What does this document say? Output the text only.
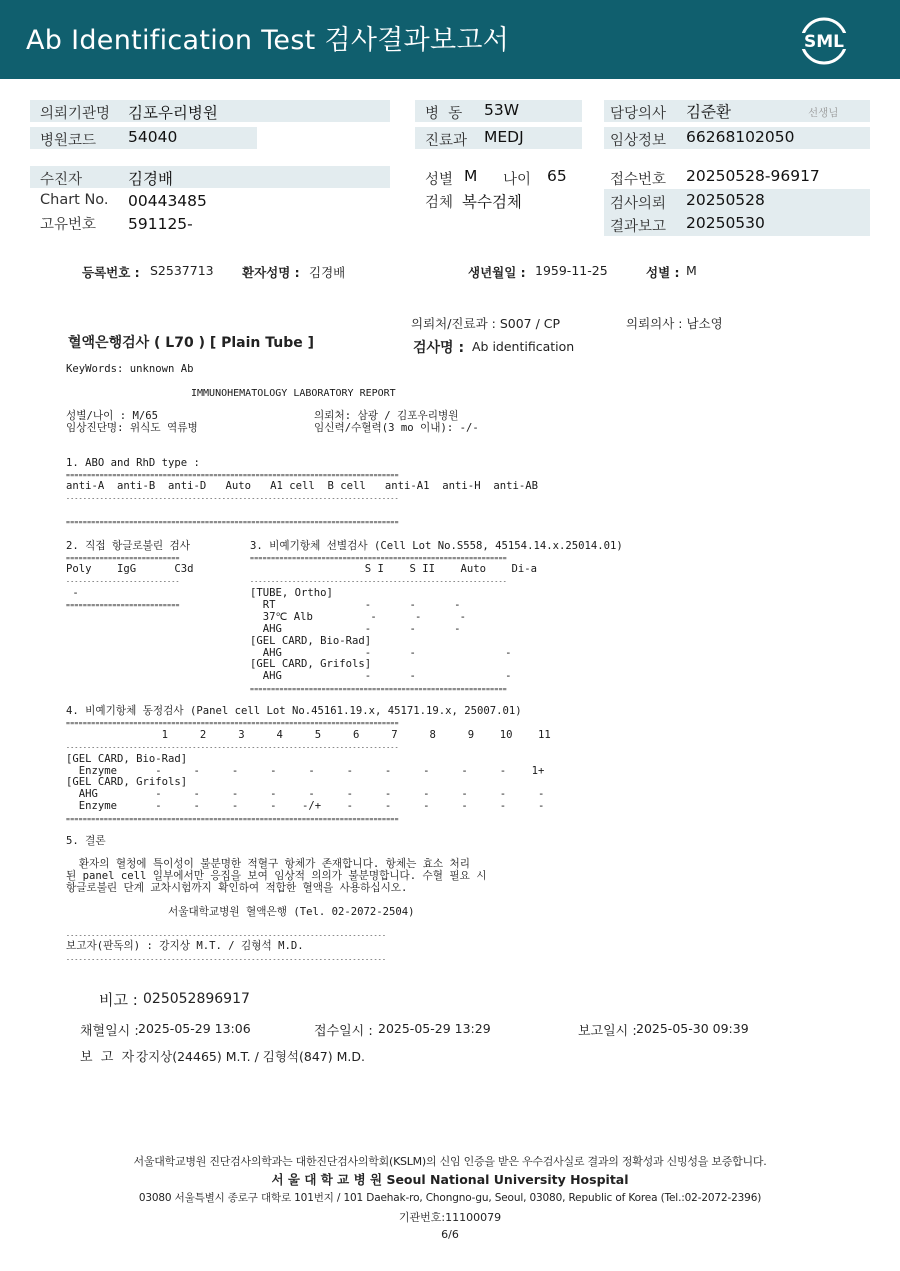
Ab Identification Test 검사결과보고서	SML
의뢰기관명 김포우리병원
병원코드 54040
수진자	김경배
Chart No. 00443485
고유번호 591125-
병  동 53W
진료과 MEDJ
성별 M 나이 65
검체 복수검체
담당의사 김준환	선생님
임상정보 66268102050
접수번호 20250528-96917
검사의뢰 20250528
결과보고 20250530
등록번호 : S2537713 환자성명 : 김경배	생년월일 : 1959-11-25	성별 : M
의뢰처/진료과 : S007 / CP	의뢰의사 : 남소영
혈액은행검사 ( L70 ) [ Plain Tube ]	검사명 : Ab identification
KeyWords: unknown Ab
IMMUNOHEMATOLOGY LABORATORY REPORT
성별/나이 : M/65
임상진단명: 위식도 역류병
의뢰처: 삼광 / 김포우리병원
임신력/수혈력(3 mo 이내): -/-
1. ABO and RhD type :
===============================================================================
anti-A  anti-B  anti-D   Auto   A1 cell  B cell   anti-A1  anti-H  anti-AB
-------------------------------------------------------------------------------
===============================================================================
2. 직접 항글로불린 검사
===========================
Poly    IgG      C3d
---------------------------
-
===========================
3. 비예기항체 선별검사 (Cell Lot No.S558, 45154.14.x.25014.01)
=============================================================
S I    S II    Auto    Di-a
-------------------------------------------------------------
[TUBE, Ortho]
RT              -      -      -
37℃ Alb         -      -      -
AHG             -      -      -
[GEL CARD, Bio-Rad]
AHG             -      -              -
[GEL CARD, Grifols]
AHG             -      -              -
=============================================================
4. 비예기항체 동정검사 (Panel cell Lot No.45161.19.x, 45171.19.x, 25007.01)
===============================================================================
1     2     3     4     5     6     7     8     9    10    11
-------------------------------------------------------------------------------
[GEL CARD, Bio-Rad]
Enzyme      -     -     -     -     -     -     -     -     -     -    1+
[GEL CARD, Grifols]
AHG         -     -     -     -     -     -     -     -     -     -     -
Enzyme      -     -     -     -    -/+    -     -     -     -     -     -
===============================================================================
5. 결론
환자의 혈청에 특이성이 불분명한 적혈구 항체가 존재합니다. 항체는 효소 처리
된 panel cell 일부에서만 응집을 보여 임상적 의의가 불분명합니다. 수혈 필요 시
항글로불린 단계 교차시험까지 확인하여 적합한 혈액을 사용하십시오.
서울대학교병원 혈액은행 (Tel. 02-2072-2504)
----------------------------------------------------------------------------
보고자(판독의) : 강지상 M.T. / 김형석 M.D.
----------------------------------------------------------------------------
비고 : 025052896917
채혈일시 : 2025-05-29 13:06	접수일시 : 2025-05-29 13:29	보고일시 : 2025-05-30 09:39
보  고  자 :
강지상(24465) M.T. / 김형석(847) M.D.
서울대학교병원 진단검사의학과는 대한진단검사의학회(KSLM)의 신임 인증을 받은 우수검사실로 결과의 정확성과 신빙성을 보증합니다.
서 울 대 학 교 병 원 Seoul National University Hospital
03080 서울특별시 종로구 대학로 101번지 / 101 Daehak-ro, Chongno-gu, Seoul, 03080, Republic of Korea (Tel.:02-2072-2396)
기관번호:11100079
6/6
